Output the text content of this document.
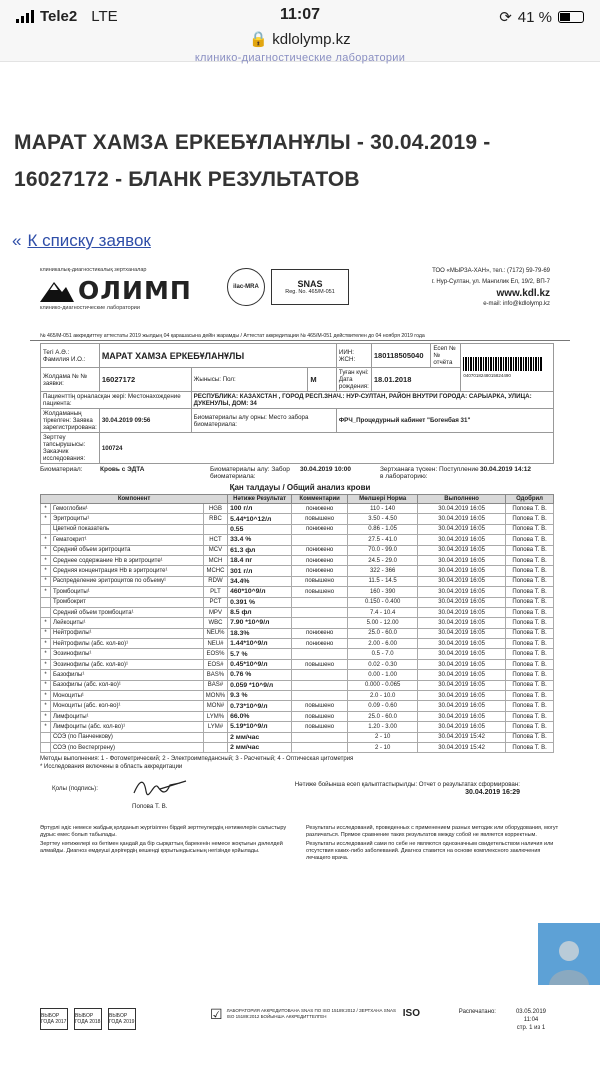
Tele2 LTE	11:07	⟳ 41 %
🔒 kdlolymp.kz
клинико-диагностические лаборатории
МАРАТ ХАМЗА ЕРКЕБҰЛАНҰЛЫ - 30.04.2019 - 16027172 - БЛАНК РЕЗУЛЬТАТОВ
« К списку заявок
клиникалық-диагностикалық зертханалар
ОЛИМП
клинико-диагностические лаборатории
ilac-MRA	SNAS
Reg. No. 465/M-051
ТОО «МЫРЗА-ХАН», тел.: (7172) 59-79-69
г. Нур-Султан, ул. Мангилик Ел, 19/2, ВП-7
www.kdl.kz
e-mail: info@kdlolymp.kz
№ 465/M-051 аккредиттеу аттестаты 2019 жылдың 04 қарашасына дейін жарамды / Аттестат аккредитации № 465/M-051 действителен до 04 ноября 2019 года
Тегі А.Ә.: Фамилия И.О.:	МАРАТ ХАМЗА ЕРКЕБҰЛАНҰЛЫ			ИИН: ЖСН:	180118505040	Есеп № № отчёта	0407018248015824490

Жолдама № № заявки:	16027172	Жынысы: Пол:	М	Туған күні: Дата рождения:	18.01.2018		
Пациенттің орналасқан жері: Местонахождение пациента:		РЕСПУБЛИКА: КАЗАХСТАН , ГОРОД РЕСП.ЗНАЧ.: НУР-СУЛТАН, РАЙОН ВНУТРИ ГОРОДА: САРЫАРКА, УЛИЦА: ДУКЕНУЛЫ, ДОМ: 34					
Жолдаманың тіркелген: Заявка зарегистрирована:	30.04.2019 09:56	Биоматериалы алу орны: Место забора биоматериала:		ФРЧ_Процедурный кабинет "Богенбая 31"			
Зерттеу тапсырушысы: Заказчик исследования:	100724						
Биоматериал:	Кровь с ЭДТА	Биоматериалы алу: Забор биоматериала:
30.04.2019 10:00	Зертханаға түскен: Поступление в лабораторию:
30.04.2019 14:12
Қан талдауы / Общий анализ крови
Компонент			Нәтиже Результат	Комментарии	Мөлшері Норма	Выполнено	Одобрил
*	Гемоглобин¹	HGB	100 г/л	понижено	110 - 140	30.04.2019 16:05	Попова Т. В.
*	Эритроциты¹	RBC	5.44*10^12/л	повышено	3.50 - 4.50	30.04.2019 16:05	Попова Т. В.
	Цветной показатель		0.55	понижено	0.86 - 1.05	30.04.2019 16:05	Попова Т. В.
*	Гематокрит¹	HCT	33.4 %		27.5 - 41.0	30.04.2019 16:05	Попова Т. В.
*	Средний объем эритроцита	MCV	61.3 фл	понижено	70.0 - 99.0	30.04.2019 16:05	Попова Т. В.
*	Среднее содержание Hb в эритроците¹	MCH	18.4 пг	понижено	24.5 - 29.0	30.04.2019 16:05	Попова Т. В.
*	Средняя концентрация Hb в эритроците¹	MCHC	301 г/л	понижено	322 - 366	30.04.2019 16:05	Попова Т. В.
*	Распределение эритроцитов по объему¹	RDW	34.4%	повышено	11.5 - 14.5	30.04.2019 16:05	Попова Т. В.
*	Тромбоциты¹	PLT	460*10^9/л	повышено	160 - 390	30.04.2019 16:05	Попова Т. В.
	Тромбокрит	PCT	0.391 %		0.150 - 0.400	30.04.2019 16:05	Попова Т. В.
	Средний объем тромбоцита¹	MPV	8.5 фл		7.4 - 10.4	30.04.2019 16:05	Попова Т. В.
*	Лейкоциты¹	WBC	7.90 *10^9/л		5.00 - 12.00	30.04.2019 16:05	Попова Т. В.
*	Нейтрофилы¹	NEU%	18.3%	понижено	25.0 - 60.0	30.04.2019 16:05	Попова Т. В.
*	Нейтрофилы (абс. кол-во)¹	NEU#	1.44*10^9/л	понижено	2.00 - 6.00	30.04.2019 16:05	Попова Т. В.
*	Эозинофилы¹	EOS%	5.7 %		0.5 - 7.0	30.04.2019 16:05	Попова Т. В.
*	Эозинофилы (абс. кол-во)¹	EOS#	0.45*10^9/л	повышено	0.02 - 0.30	30.04.2019 16:05	Попова Т. В.
*	Базофилы¹	BAS%	0.76 %		0.00 - 1.00	30.04.2019 16:05	Попова Т. В.
*	Базофилы (абс. кол-во)¹	BAS#	0.059 *10^9/л		0.000 - 0.065	30.04.2019 16:05	Попова Т. В.
*	Моноциты¹	MON%	9.3 %		2.0 - 10.0	30.04.2019 16:05	Попова Т. В.
*	Моноциты (абс. кол-во)¹	MON#	0.73*10^9/л	повышено	0.09 - 0.60	30.04.2019 16:05	Попова Т. В.
*	Лимфоциты¹	LYM%	66.0%	повышено	25.0 - 60.0	30.04.2019 16:05	Попова Т. В.
*	Лимфоциты (абс. кол-во)¹	LYM#	5.19*10^9/л	повышено	1.20 - 3.00	30.04.2019 16:05	Попова Т. В.
	СОЭ (по Панченкову)		2 мм/час		2 - 10	30.04.2019 15:42	Попова Т. В.
	СОЭ (по Вестергрену)		2 мм/час		2 - 10	30.04.2019 15:42	Попова Т. В.
Методы выполнения: 1 - Фотометрический; 2 - Электроимпеданcный; 3 - Расчетный; 4 - Оптическая цитометрия
* Исследования включены в область аккредитации
Қолы (подпись):
Попова Т. В.
Нәтиже бойынша есеп қалыптастырылды: Отчет о результатах сформирован:
30.04.2019 16:29
Әртүрлі әдіс немесе жабдық қолданып жүргізілген бірдей зерттеулердің нәтижелерін салыстыру дұрыс емес болып табылады.
Результаты исследований, проведенных с применением разных методик или оборудования, могут различаться. Прямое сравнение таких результатов между собой не является корректным.
Зерттеу нәтижелері өз бетімен қандай да бір сырқаттың барекенін немесе жоқтығын дәлелдей алмайды. Диагноз емдеуші дәрігердің кешенді қорытындысының негізінде қойылады.
Результаты исследований сами по себе не являются однозначным свидетельством наличия или отсутствия каких-либо заболеваний. Диагноз ставится на основе комплексного заключения лечащего врача.
ВЫБОР ГОДА 2017
ВЫБОР ГОДА 2018
ВЫБОР ГОДА 2019	☑ ЛАБОРАТОРИЯ АККРЕДИТОВАНА SNAS ПО ISO 15189:2012 / ЗЕРТХАНА SNAS ISO 15189:2012 БОЙЫНША АККРЕДИТТЕЛГЕН	ISO	Распечатано:	03.05.2019
11:04
стр. 1 из 1
